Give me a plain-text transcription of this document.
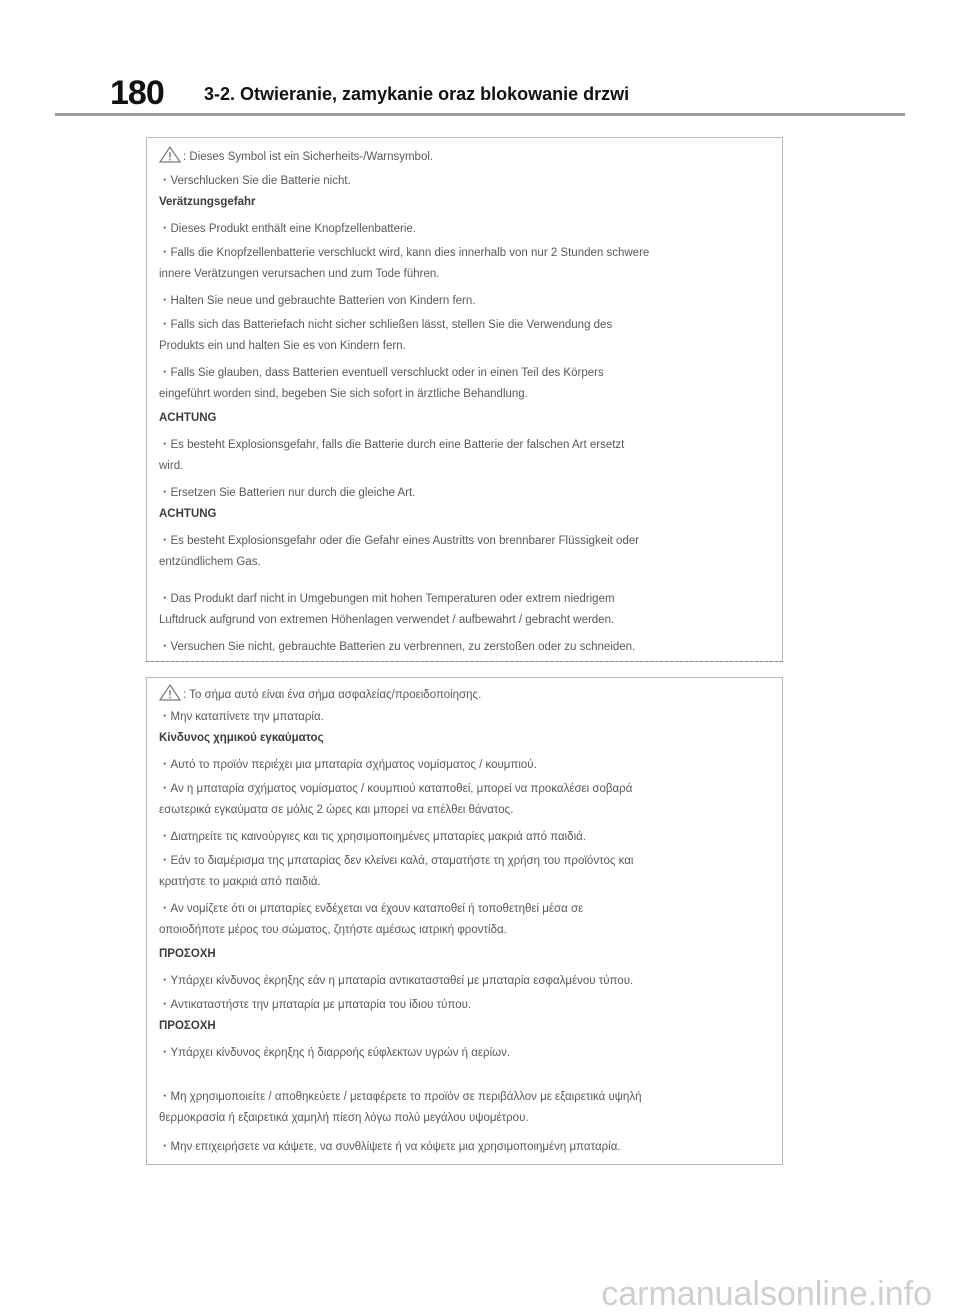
180 3-2. Otwieranie, zamykanie oraz blokowanie drzwi
: Dieses Symbol ist ein Sicherheits-/Warnsymbol.
・Verschlucken Sie die Batterie nicht.
Verätzungsgefahr
・Dieses Produkt enthält eine Knopfzellenbatterie.
・Falls die Knopfzellenbatterie verschluckt wird, kann dies innerhalb von nur 2 Stunden schwere
innere Verätzungen verursachen und zum Tode führen.
・Halten Sie neue und gebrauchte Batterien von Kindern fern.
・Falls sich das Batteriefach nicht sicher schließen lässt, stellen Sie die Verwendung des
Produkts ein und halten Sie es von Kindern fern.
・Falls Sie glauben, dass Batterien eventuell verschluckt oder in einen Teil des Körpers
eingeführt worden sind, begeben Sie sich sofort in ärztliche Behandlung.
ACHTUNG
・Es besteht Explosionsgefahr, falls die Batterie durch eine Batterie der falschen Art ersetzt
wird.
・Ersetzen Sie Batterien nur durch die gleiche Art.
ACHTUNG
・Es besteht Explosionsgefahr oder die Gefahr eines Austritts von brennbarer Flüssigkeit oder
entzündlichem Gas.
・Das Produkt darf nicht in Umgebungen mit hohen Temperaturen oder extrem niedrigem
Luftdruck aufgrund von extremen Höhenlagen verwendet / aufbewahrt / gebracht werden.
・Versuchen Sie nicht, gebrauchte Batterien zu verbrennen, zu zerstoßen oder zu schneiden.
: Το σήμα αυτό είναι ένα σήμα ασφαλείας/προειδοποίησης.
・Μην καταπίνετε την μπαταρία.
Κίνδυνος χημικού εγκαύματος
・Αυτό το προϊόν περιέχει μια μπαταρία σχήματος νομίσματος / κουμπιού.
・Αν η μπαταρία σχήματος νομίσματος / κουμπιού καταποθεί, μπορεί να προκαλέσει σοβαρά
εσωτερικά εγκαύματα σε μόλις 2 ώρες και μπορεί να επέλθει θάνατος.
・Διατηρείτε τις καινούργιες και τις χρησιμοποιημένες μπαταρίες μακριά από παιδιά.
・Εάν το διαμέρισμα της μπαταρίας δεν κλείνει καλά, σταματήστε τη χρήση του προϊόντος και
κρατήστε το μακριά από παιδιά.
・Αν νομίζετε ότι οι μπαταρίες ενδέχεται να έχουν καταποθεί ή τοποθετηθεί μέσα σε
οποιοδήποτε μέρος του σώματος, ζητήστε αμέσως ιατρική φροντίδα.
ΠΡΟΣΟΧΗ
・Υπάρχει κίνδυνος έκρηξης εάν η μπαταρία αντικατασταθεί με μπαταρία εσφαλμένου τύπου.
・Αντικαταστήστε την μπαταρία με μπαταρία του ίδιου τύπου.
ΠΡΟΣΟΧΗ
・Υπάρχει κίνδυνος έκρηξης ή διαρροής εύφλεκτων υγρών ή αερίων.
・Μη χρησιμοποιείτε / αποθηκεύετε / μεταφέρετε το προϊόν σε περιβάλλον με εξαιρετικά υψηλή
θερμοκρασία ή εξαιρετικά χαμηλή πίεση λόγω πολύ μεγάλου υψομέτρου.
・Μην επιχειρήσετε να κάψετε, να συνθλίψετε ή να κόψετε μια χρησιμοποιημένη μπαταρία.
carmanualsonline.info
